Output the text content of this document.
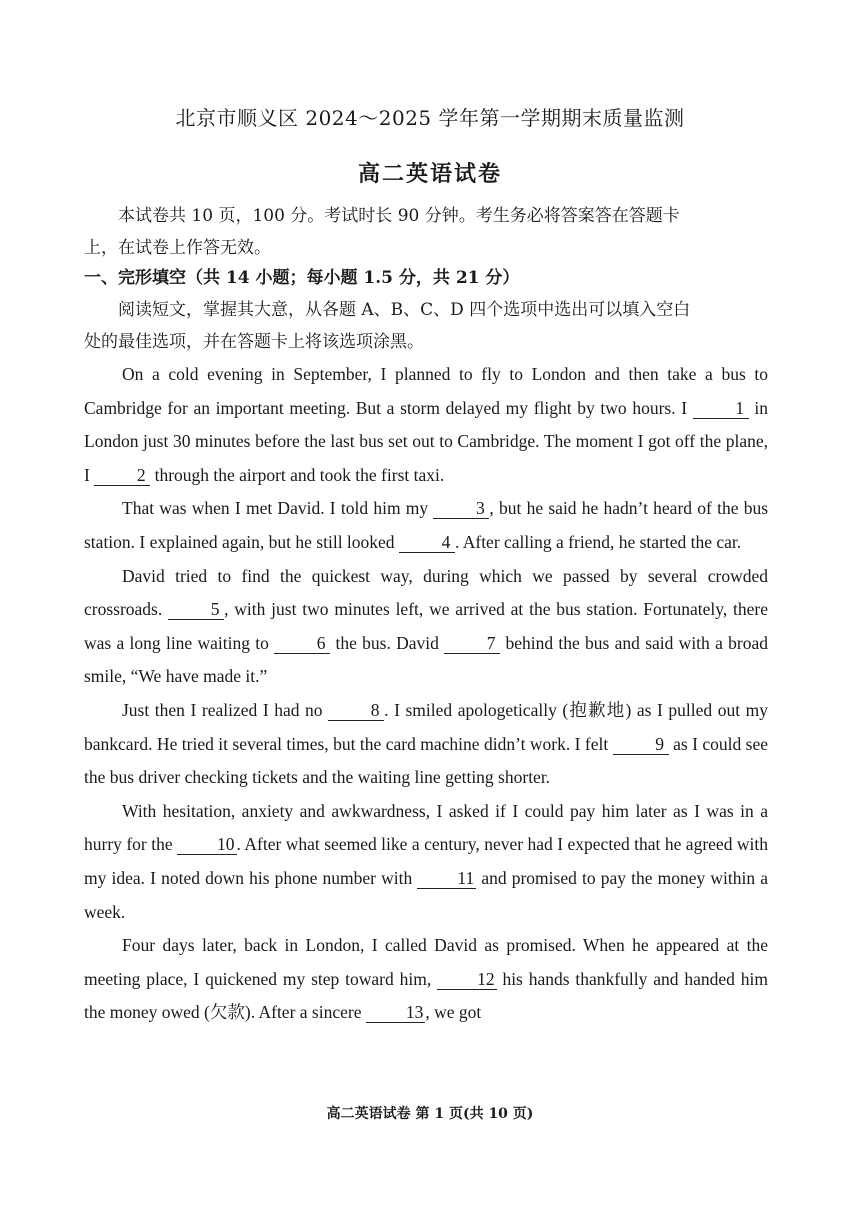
北京市顺义区 2024～2025 学年第一学期期末质量监测
高二英语试卷
本试卷共 10 页，100 分。考试时长 90 分钟。考生务必将答案答在答题卡
上，在试卷上作答无效。
一、完形填空（共 14 小题；每小题 1.5 分，共 21 分）
阅读短文，掌握其大意，从各题 A、B、C、D 四个选项中选出可以填入空白
处的最佳选项，并在答题卡上将该选项涂黑。

On a cold evening in September, I planned to fly to London and then take a bus to Cambridge for an important meeting. But a storm delayed my flight by two hours. I 1 in London just 30 minutes before the last bus set out to Cambridge. The moment I got off the plane, I 2 through the airport and took the first taxi.

That was when I met David. I told him my 3 , but he said he hadn’t heard of the bus station. I explained again, but he still looked 4 . After calling a friend, he started the car.

David tried to find the quickest way, during which we passed by several crowded crossroads. 5 , with just two minutes left, we arrived at the bus station. Fortunately, there was a long line waiting to 6 the bus. David 7 behind the bus and said with a broad smile, “We have made it.”

Just then I realized I had no 8 . I smiled apologetically (抱歉地) as I pulled out my bankcard. He tried it several times, but the card machine didn’t work. I felt 9 as I could see the bus driver checking tickets and the waiting line getting shorter.

With hesitation, anxiety and awkwardness, I asked if I could pay him later as I was in a hurry for the 10 . After what seemed like a century, never had I expected that he agreed with my idea. I noted down his phone number with 11 and promised to pay the money within a week.

Four days later, back in London, I called David as promised. When he appeared at the meeting place, I quickened my step toward him, 12 his hands thankfully and handed him the money owed (欠款). After a sincere 13 , we got

高二英语试卷 第 1 页(共 10 页)
